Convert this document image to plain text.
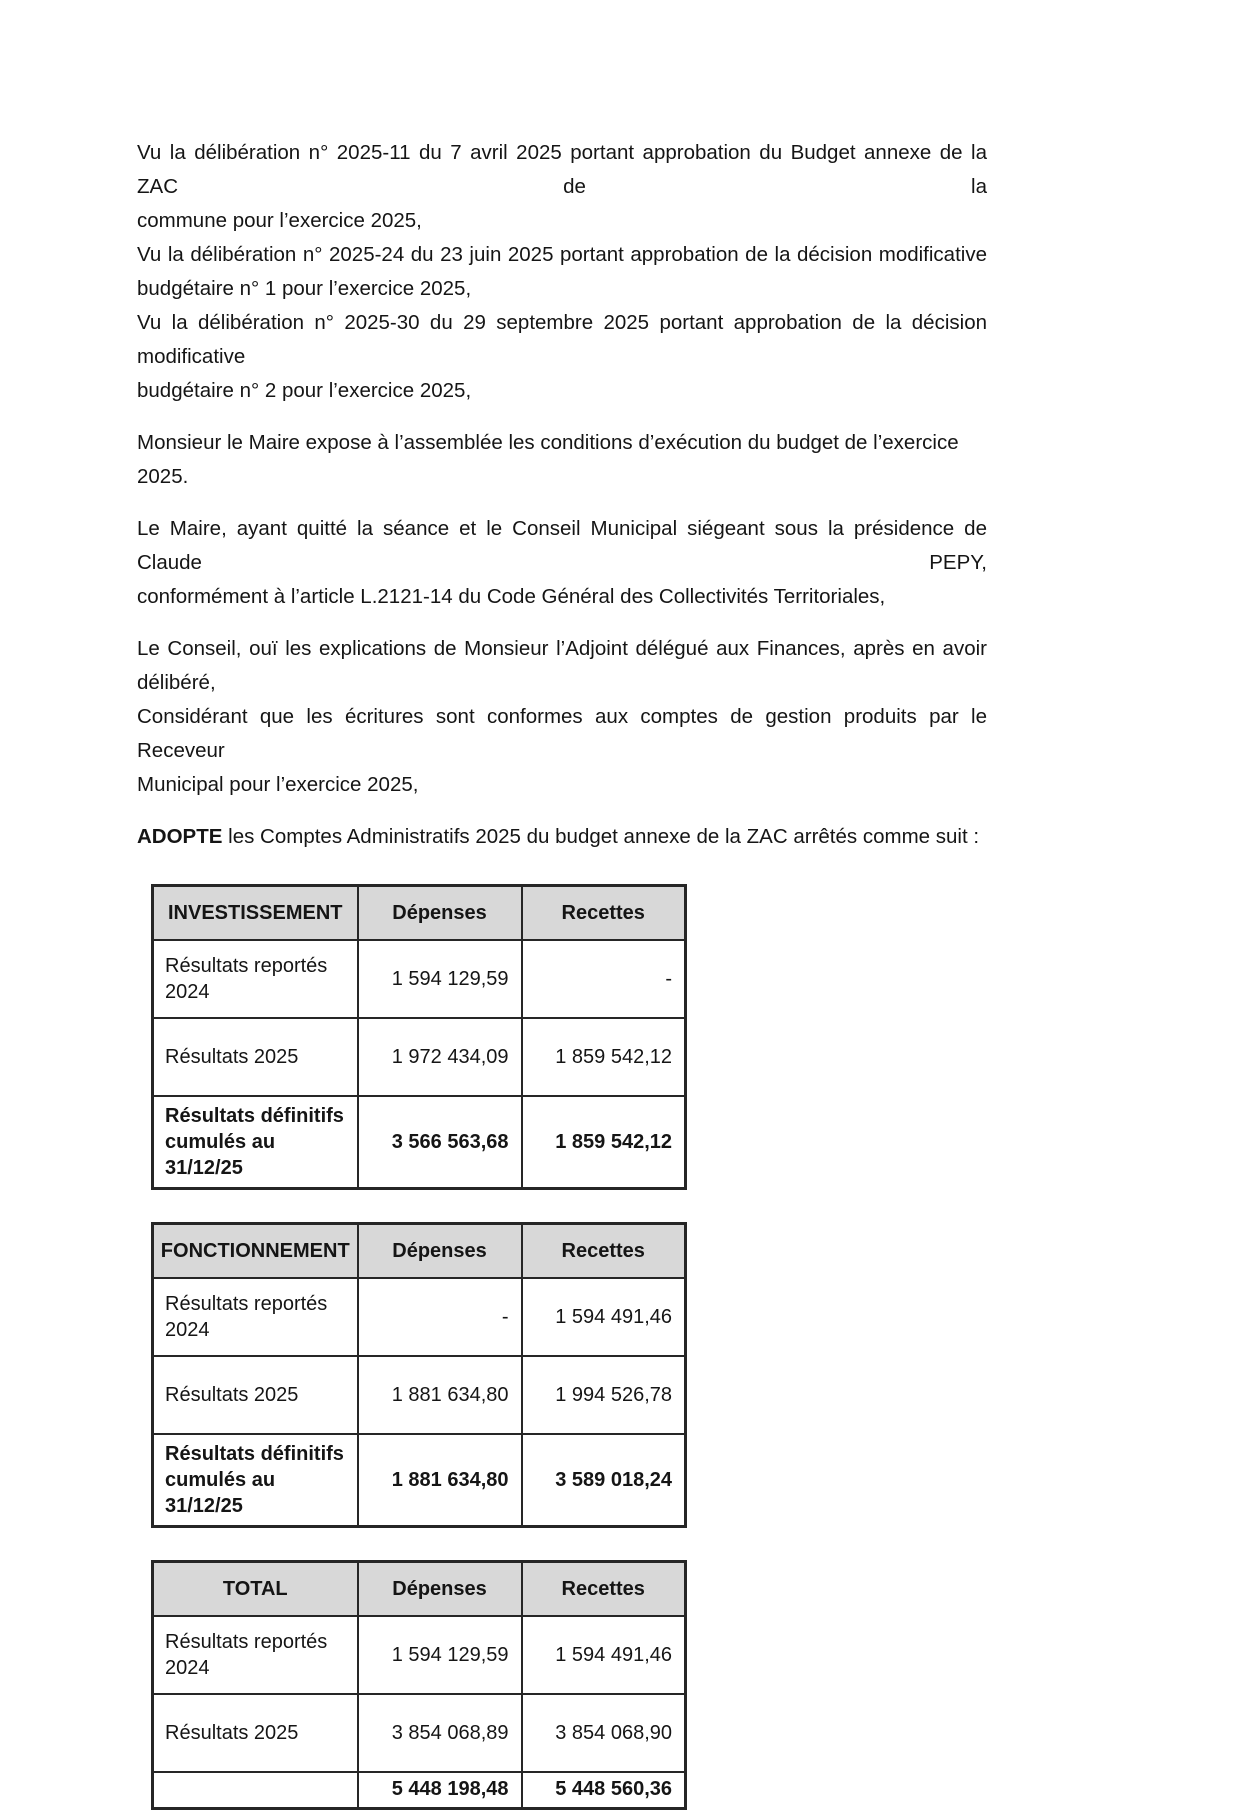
Vu la délibération n° 2025-11 du 7 avril 2025 portant approbation du Budget annexe de la ZAC de la

commune pour l’exercice 2025,

Vu la délibération n° 2025-24 du 23 juin 2025 portant approbation de la décision modificative

budgétaire n° 1 pour l’exercice 2025,

Vu la délibération n° 2025-30 du 29 septembre 2025 portant approbation de la décision modificative

budgétaire n° 2 pour l’exercice 2025,

Monsieur le Maire expose à l’assemblée les conditions d’exécution du budget de l’exercice 2025.

Le Maire, ayant quitté la séance et le Conseil Municipal siégeant sous la présidence de Claude PEPY,

conformément à l’article L.2121-14 du Code Général des Collectivités Territoriales,

Le Conseil, ouï les explications de Monsieur l’Adjoint délégué aux Finances, après en avoir délibéré,

Considérant que les écritures sont conformes aux comptes de gestion produits par le Receveur

Municipal pour l’exercice 2025,

ADOPTE les Comptes Administratifs 2025 du budget annexe de la ZAC arrêtés comme suit :

INVESTISSEMENT	Dépenses	Recettes
Résultats reportés 2024	1 594 129,59	-
Résultats 2025	1 972 434,09	1 859 542,12
Résultats définitifs cumulés au 31/12/25	3 566 563,68	1 859 542,12
FONCTIONNEMENT	Dépenses	Recettes
Résultats reportés 2024	-	1 594 491,46
Résultats 2025	1 881 634,80	1 994 526,78
Résultats définitifs cumulés au 31/12/25	1 881 634,80	3 589 018,24
TOTAL	Dépenses	Recettes
Résultats reportés 2024	1 594 129,59	1 594 491,46
Résultats 2025	3 854 068,89	3 854 068,90
	5 448 198,48	5 448 560,36
